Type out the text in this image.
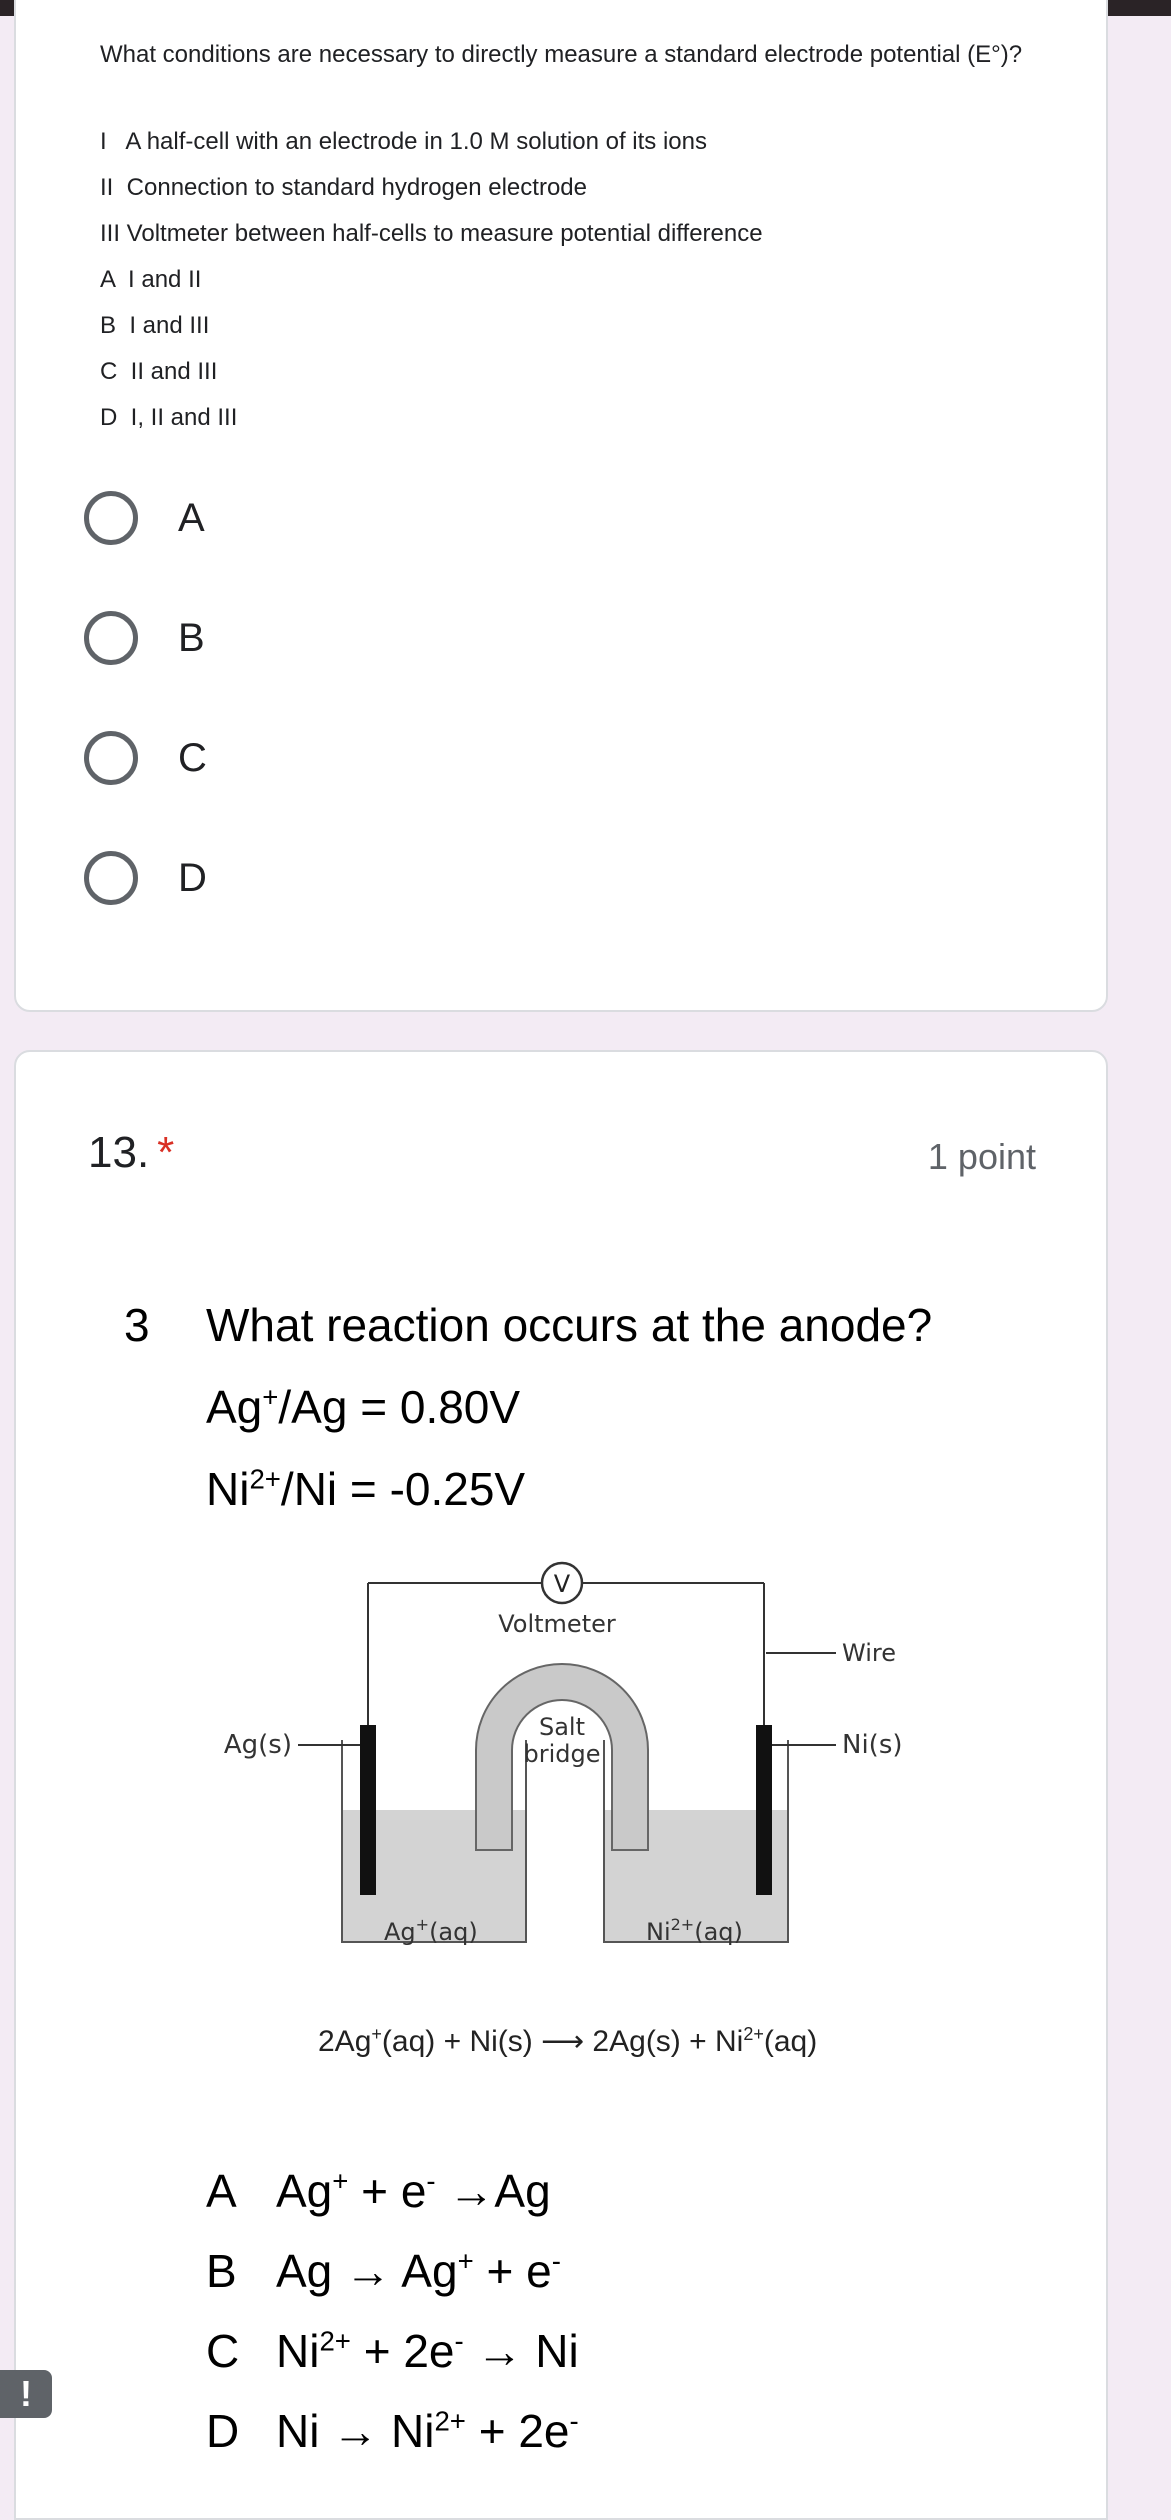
What conditions are necessary to directly measure a standard electrode potential (E°)?
I   A half-cell with an electrode in 1.0 M solution of its ions
II  Connection to standard hydrogen electrode
III Voltmeter between half-cells to measure potential difference
A  I and II
B  I and III
C  II and III
D  I, II and III
A
B
C
D
13. *	1 point
3 What reaction occurs at the anode?
Ag+/Ag = 0.80V
$Ni^{2+}/Ni = -0.25V$
V
Voltmeter
Wire
Salt
bridge
Ag(s)	Ni(s)
Ag+(aq)	$Ni^{2+}(aq)$
2Ag+(aq) + Ni(s) ⟶ $2Ag(s) + Ni^{2+}(aq)$
A Ag+ + e- →Ag
B Ag → Ag+ + e-
C $Ni^{2+} + 2e^- \to Ni$
D $Ni \to Ni^{2+} + 2e^-$
!
